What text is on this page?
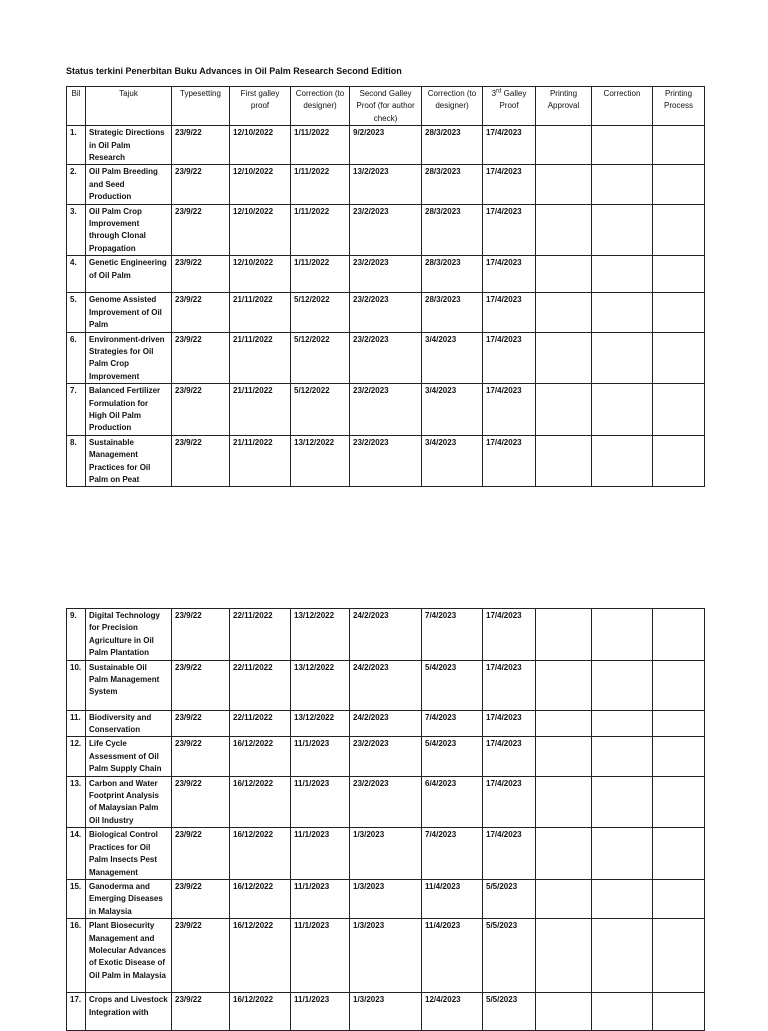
Status terkini Penerbitan Buku Advances in Oil Palm Research Second Edition
Bil	Tajuk	Typesetting	First galley proof	Correction (to designer)	Second Galley Proof (for author check)	Correction (to designer)	3rd Galley Proof	Printing Approval	Correction	Printing Process
1.	Strategic Directions in Oil Palm Research	23/9/22	12/10/2022	1/11/2022	9/2/2023	28/3/2023	17/4/2023			
2.	Oil Palm Breeding and Seed Production	23/9/22	12/10/2022	1/11/2022	13/2/2023	28/3/2023	17/4/2023			
3.	Oil Palm Crop Improvement through Clonal Propagation	23/9/22	12/10/2022	1/11/2022	23/2/2023	28/3/2023	17/4/2023			
4.	Genetic Engineering of Oil Palm	23/9/22	12/10/2022	1/11/2022	23/2/2023	28/3/2023	17/4/2023			
5.	Genome Assisted Improvement of Oil Palm	23/9/22	21/11/2022	5/12/2022	23/2/2023	28/3/2023	17/4/2023			
6.	Environment-driven Strategies for Oil Palm Crop Improvement	23/9/22	21/11/2022	5/12/2022	23/2/2023	3/4/2023	17/4/2023			
7.	Balanced Fertilizer Formulation for High Oil Palm Production	23/9/22	21/11/2022	5/12/2022	23/2/2023	3/4/2023	17/4/2023			
8.	Sustainable Management Practices for Oil Palm on Peat	23/9/22	21/11/2022	13/12/2022	23/2/2023	3/4/2023	17/4/2023			
9.	Digital Technology for Precision Agriculture in Oil Palm Plantation	23/9/22	22/11/2022	13/12/2022	24/2/2023	7/4/2023	17/4/2023			
10.	Sustainable Oil Palm Management System	23/9/22	22/11/2022	13/12/2022	24/2/2023	5/4/2023	17/4/2023			
11.	Biodiversity and Conservation	23/9/22	22/11/2022	13/12/2022	24/2/2023	7/4/2023	17/4/2023			
12.	Life Cycle Assessment of Oil Palm Supply Chain	23/9/22	16/12/2022	11/1/2023	23/2/2023	5/4/2023	17/4/2023			
13.	Carbon and Water Footprint Analysis of Malaysian Palm Oil Industry	23/9/22	16/12/2022	11/1/2023	23/2/2023	6/4/2023	17/4/2023			
14.	Biological Control Practices for Oil Palm Insects Pest Management	23/9/22	16/12/2022	11/1/2023	1/3/2023	7/4/2023	17/4/2023			
15.	Ganoderma and Emerging Diseases in Malaysia	23/9/22	16/12/2022	11/1/2023	1/3/2023	11/4/2023	5/5/2023			
16.	Plant Biosecurity Management and Molecular Advances of Exotic Disease of Oil Palm in Malaysia	23/9/22	16/12/2022	11/1/2023	1/3/2023	11/4/2023	5/5/2023			
17.	Crops and Livestock Integration with	23/9/22	16/12/2022	11/1/2023	1/3/2023	12/4/2023	5/5/2023			
